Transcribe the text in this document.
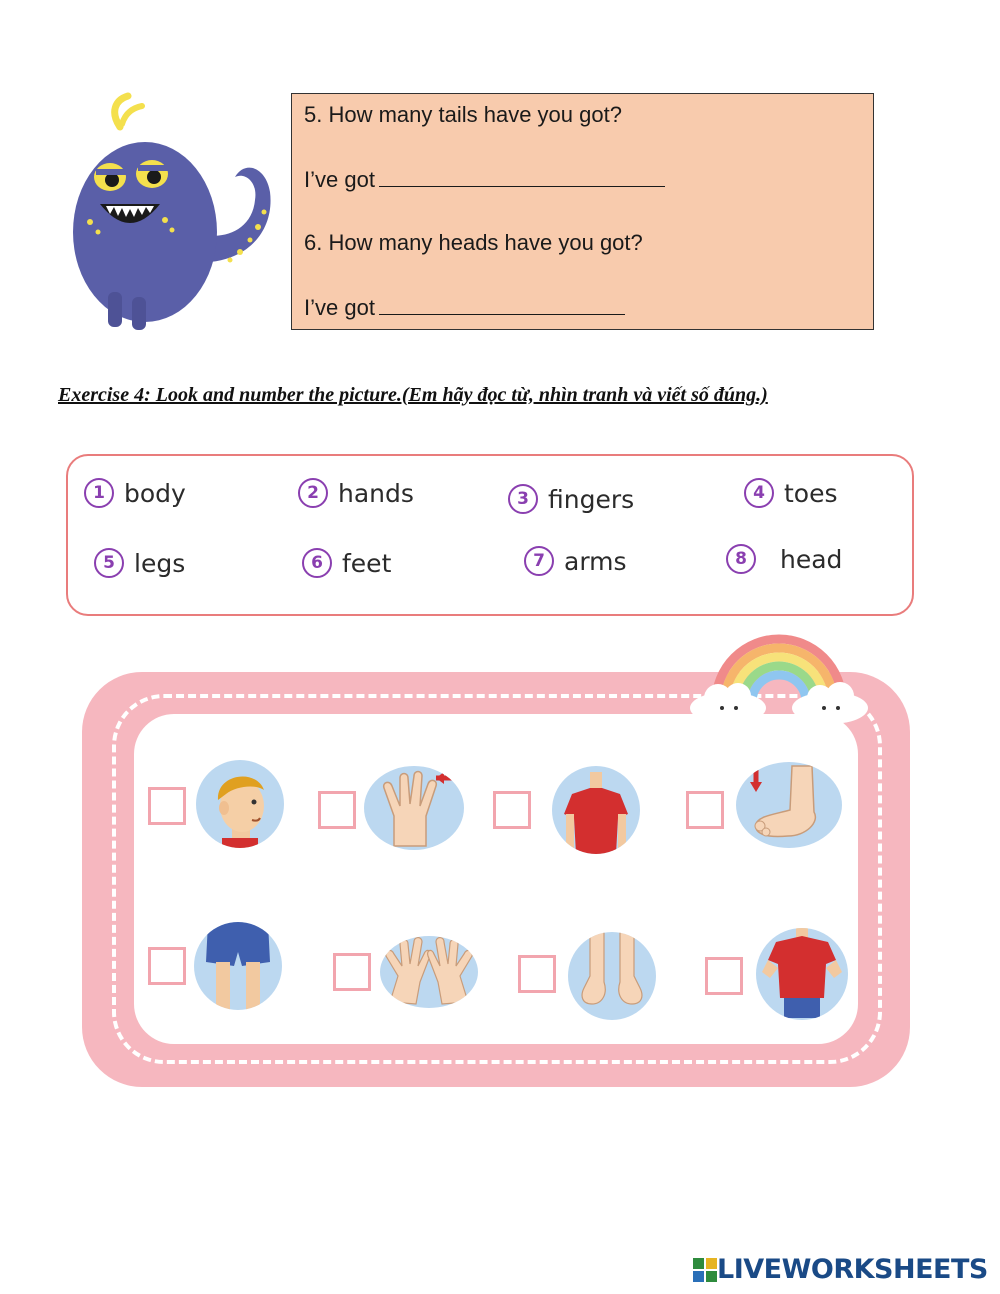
5. How many tails have you got?
I’ve got
6. How many heads have you got?
I’ve got
Exercise 4: Look and number the picture.(Em hãy đọc từ, nhìn tranh và viết số đúng.)
1 body	2 hands	3 fingers	4 toes
5 legs	6 feet	7 arms	8	head
LIVEWORKSHEETS
